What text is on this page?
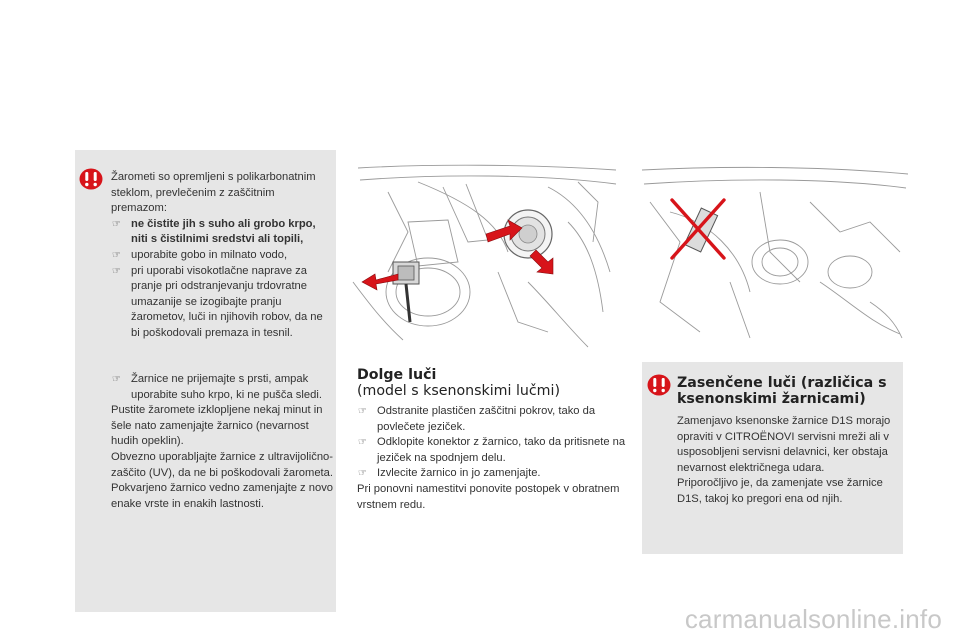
Žarometi so opremljeni s polikarbonatnim steklom, prevlečenim z zaščitnim premazom:

☞ ne čistite jih s suho ali grobo krpo, niti s čistilnimi sredstvi ali topili,

☞ uporabite gobo in milnato vodo,

☞ pri uporabi visokotlačne naprave za pranje pri odstranjevanju trdovratne umazanije se izogibajte pranju žarometov, luči in njihovih robov, da ne bi poškodovali premaza in tesnil.

☞ Žarnice ne prijemajte s prsti, ampak uporabite suho krpo, ki ne pušča sledi.

Pustite žaromete izklopljene nekaj minut in šele nato zamenjajte žarnico (nevarnost hudih opeklin).

Obvezno uporabljajte žarnice z ultravijolično-zaščito (UV), da ne bi poškodovali žarometa.

Pokvarjeno žarnico vedno zamenjajte z novo enake vrste in enakih lastnosti.

Dolge luči
(model s ksenonskimi lučmi)

☞ Odstranite plastičen zaščitni pokrov, tako da povlečete jeziček.

☞ Odklopite konektor z žarnico, tako da pritisnete na jeziček na spodnjem delu.

☞ Izvlecite žarnico in jo zamenjajte.

Pri ponovni namestitvi ponovite postopek v obratnem vrstnem redu.

Zasenčene luči (različica s ksenonskimi žarnicami)

Zamenjavo ksenonske žarnice D1S morajo opraviti v CITROËNOVI servisni mreži ali v usposobljeni servisni delavnici, ker obstaja nevarnost električnega udara.

Priporočljivo je, da zamenjate vse žarnice D1S, takoj ko pregori ena od njih.

carmanualsonline.info
